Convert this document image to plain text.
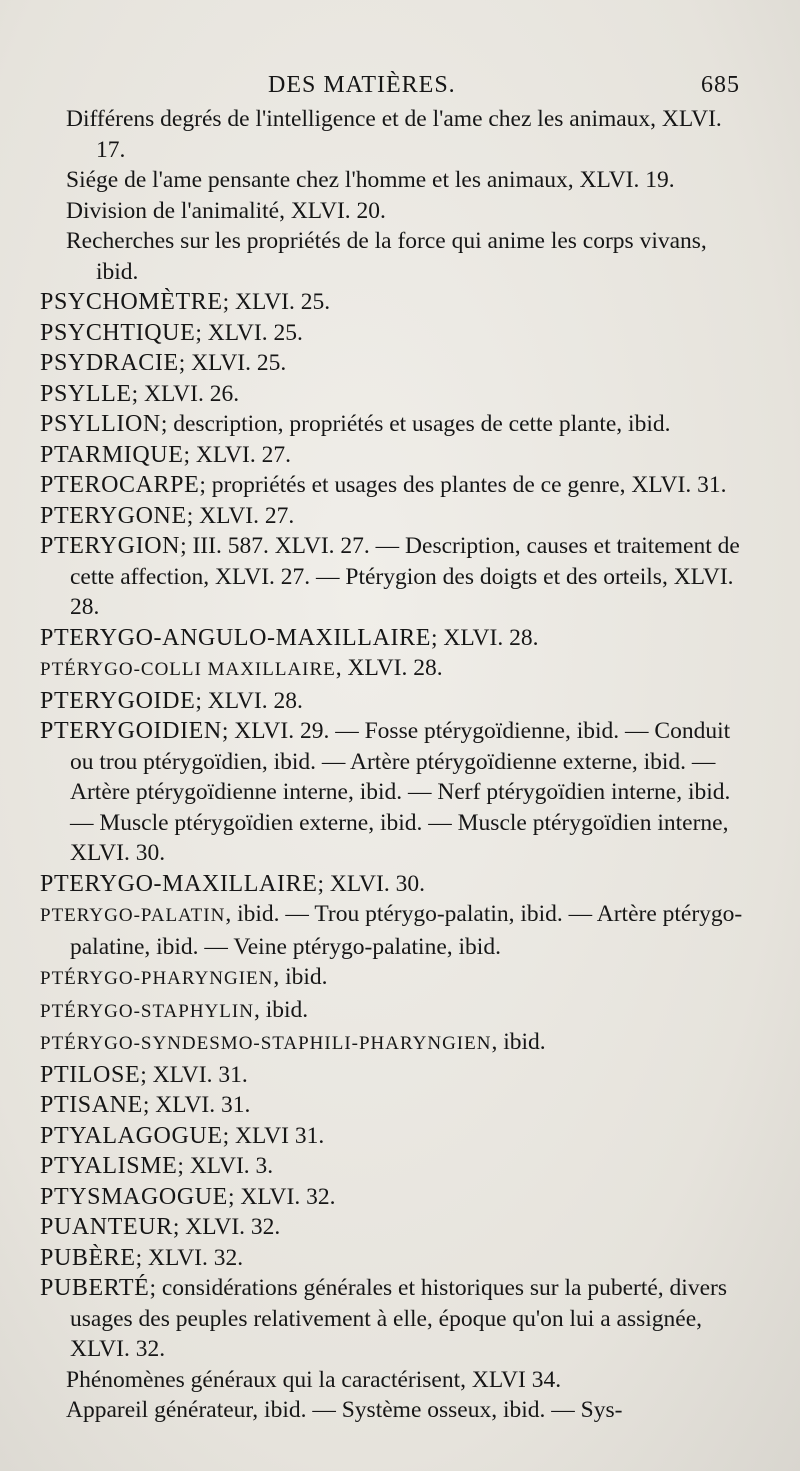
DES MATIÈRES.	685

Différens degrés de l'intelligence et de l'ame chez les animaux, XLVI. 17.

Siége de l'ame pensante chez l'homme et les animaux, XLVI. 19.

Division de l'animalité, XLVI. 20.

Recherches sur les propriétés de la force qui anime les corps vivans, ibid.

PSYCHOMÈTRE; XLVI. 25.

PSYCHTIQUE; XLVI. 25.

PSYDRACIE; XLVI. 25.

PSYLLE; XLVI. 26.

PSYLLION; description, propriétés et usages de cette plante, ibid.

PTARMIQUE; XLVI. 27.

PTEROCARPE; propriétés et usages des plantes de ce genre, XLVI. 31.

PTERYGONE; XLVI. 27.

PTERYGION; III. 587. XLVI. 27. — Description, causes et traitement de cette affection, XLVI. 27. — Ptérygion des doigts et des orteils, XLVI. 28.

PTERYGO-ANGULO-MAXILLAIRE; XLVI. 28.

PTÉRYGO-COLLI MAXILLAIRE, XLVI. 28.

PTERYGOIDE; XLVI. 28.

PTERYGOIDIEN; XLVI. 29. — Fosse ptérygoïdienne, ibid. — Conduit ou trou ptérygoïdien, ibid. — Artère ptérygoïdienne externe, ibid. — Artère ptérygoïdienne interne, ibid. — Nerf ptérygoïdien interne, ibid. — Muscle ptérygoïdien externe, ibid. — Muscle ptérygoïdien interne, XLVI. 30.

PTERYGO-MAXILLAIRE; XLVI. 30.

PTERYGO-PALATIN, ibid. — Trou ptérygo-palatin, ibid. — Artère ptérygo-palatine, ibid. — Veine ptérygo-palatine, ibid.

PTÉRYGO-PHARYNGIEN, ibid.

PTÉRYGO-STAPHYLIN, ibid.

PTÉRYGO-SYNDESMO-STAPHILI-PHARYNGIEN, ibid.

PTILOSE; XLVI. 31.

PTISANE; XLVI. 31.

PTYALAGOGUE; XLVI 31.

PTYALISME; XLVI. 3.

PTYSMAGOGUE; XLVI. 32.

PUANTEUR; XLVI. 32.

PUBÈRE; XLVI. 32.

PUBERTÉ; considérations générales et historiques sur la puberté, divers usages des peuples relativement à elle, époque qu'on lui a assignée, XLVI. 32.

Phénomènes généraux qui la caractérisent, XLVI 34.

Appareil générateur, ibid. — Système osseux, ibid. — Sys-
